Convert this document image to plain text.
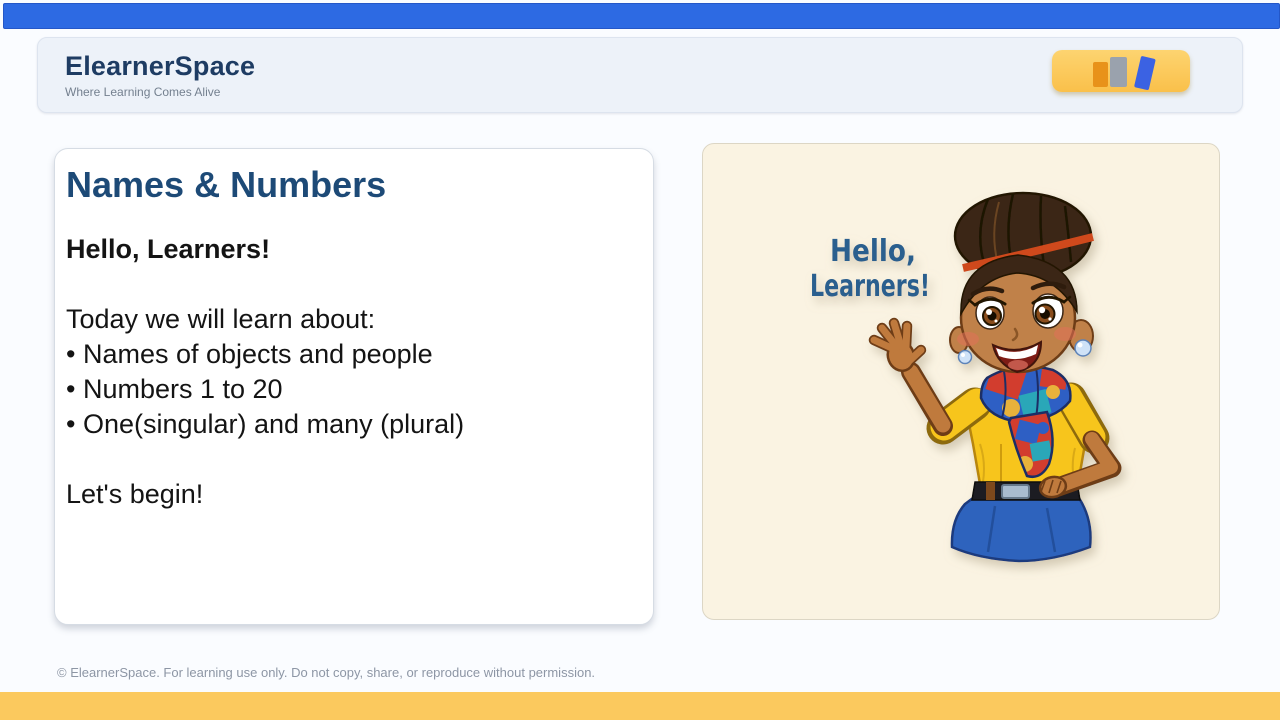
ElearnerSpace
Where Learning Comes Alive
Names & Numbers

Hello, Learners!

Today we will learn about:

• Names of objects and people

• Numbers 1 to 20

• One(singular) and many (plural)

Let's begin!

Hello,
Learners!
© ElearnerSpace. For learning use only. Do not copy, share, or reproduce without permission.
